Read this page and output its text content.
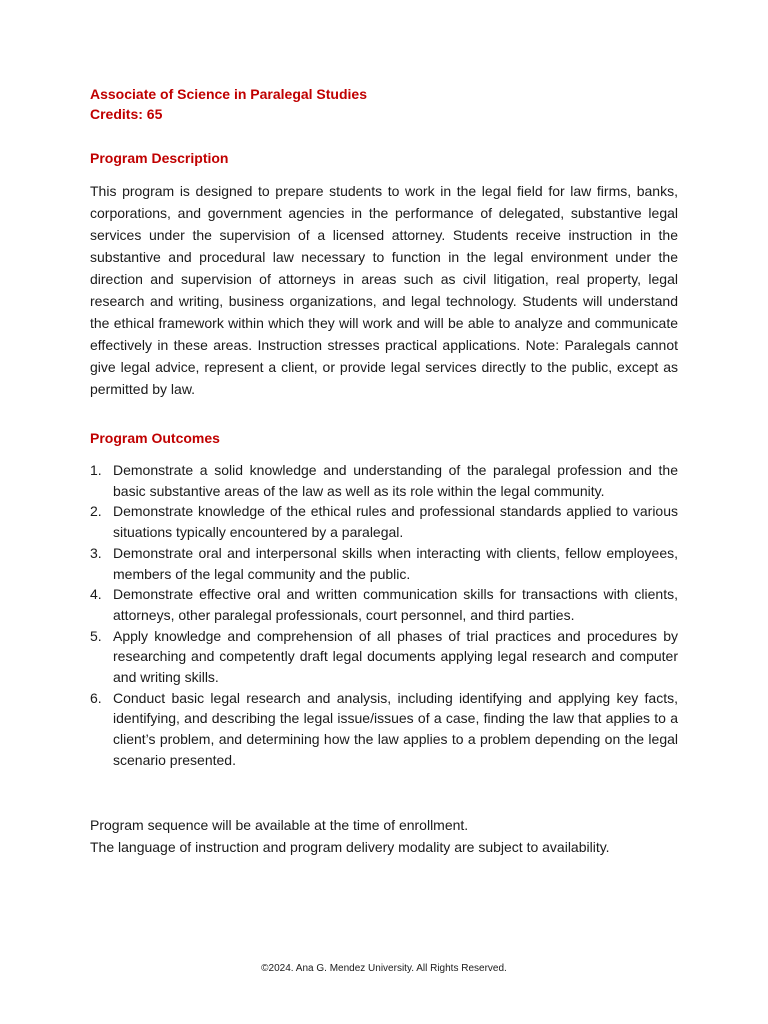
Associate of Science in Paralegal Studies

Credits: 65

Program Description

This program is designed to prepare students to work in the legal field for law firms, banks, corporations, and government agencies in the performance of delegated, substantive legal services under the supervision of a licensed attorney. Students receive instruction in the substantive and procedural law necessary to function in the legal environment under the direction and supervision of attorneys in areas such as civil litigation, real property, legal research and writing, business organizations, and legal technology. Students will understand the ethical framework within which they will work and will be able to analyze and communicate effectively in these areas. Instruction stresses practical applications. Note: Paralegals cannot give legal advice, represent a client, or provide legal services directly to the public, except as permitted by law.

Program Outcomes

1. Demonstrate a solid knowledge and understanding of the paralegal profession and the basic substantive areas of the law as well as its role within the legal community.
2. Demonstrate knowledge of the ethical rules and professional standards applied to various situations typically encountered by a paralegal.
3. Demonstrate oral and interpersonal skills when interacting with clients, fellow employees, members of the legal community and the public.
4. Demonstrate effective oral and written communication skills for transactions with clients, attorneys, other paralegal professionals, court personnel, and third parties.
5. Apply knowledge and comprehension of all phases of trial practices and procedures by researching and competently draft legal documents applying legal research and computer and writing skills.
6. Conduct basic legal research and analysis, including identifying and applying key facts, identifying, and describing the legal issue/issues of a case, finding the law that applies to a client’s problem, and determining how the law applies to a problem depending on the legal scenario presented.

Program sequence will be available at the time of enrollment.

The language of instruction and program delivery modality are subject to availability.

©2024. Ana G. Mendez University. All Rights Reserved.
